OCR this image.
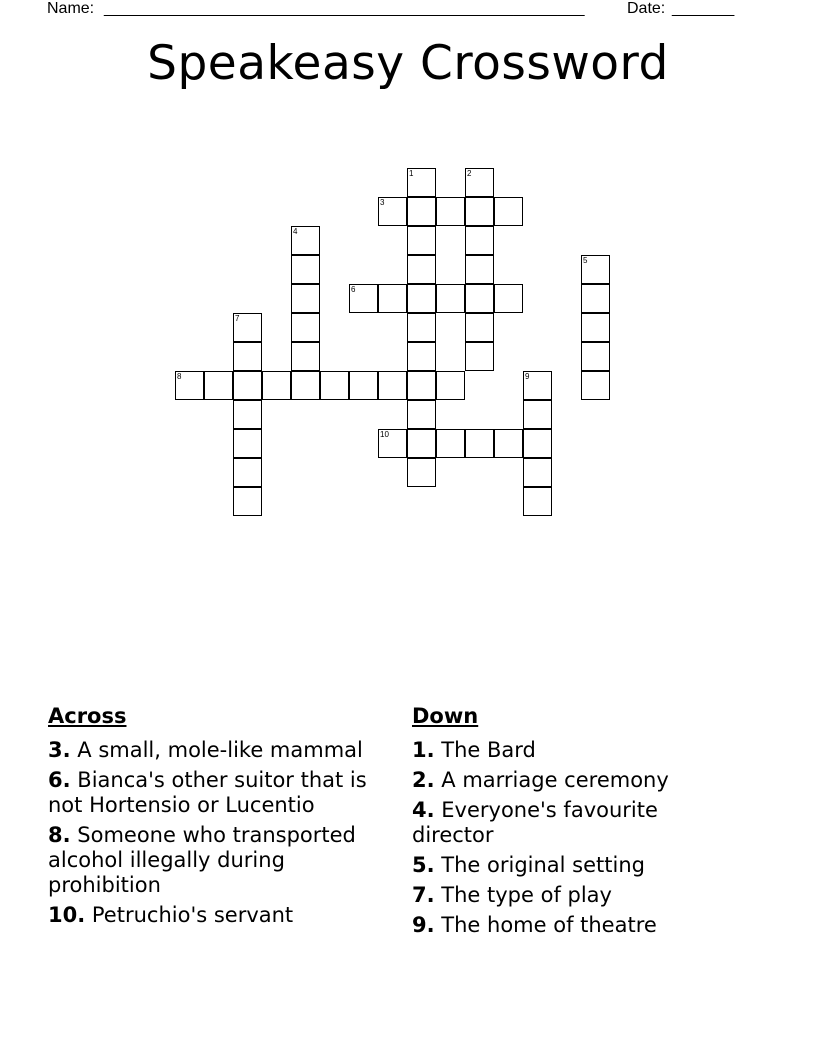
Name: ______________________________________________________	Date: _______
Speakeasy Crossword
1	2
3
4
5
6
7
8	9
10
Across
3. A small, mole-like mammal
6. Bianca's other suitor that is not Hortensio or Lucentio
8. Someone who transported alcohol illegally during prohibition
10. Petruchio's servant
Down
1. The Bard
2. A marriage ceremony
4. Everyone's favourite director
5. The original setting
7. The type of play
9. The home of theatre
